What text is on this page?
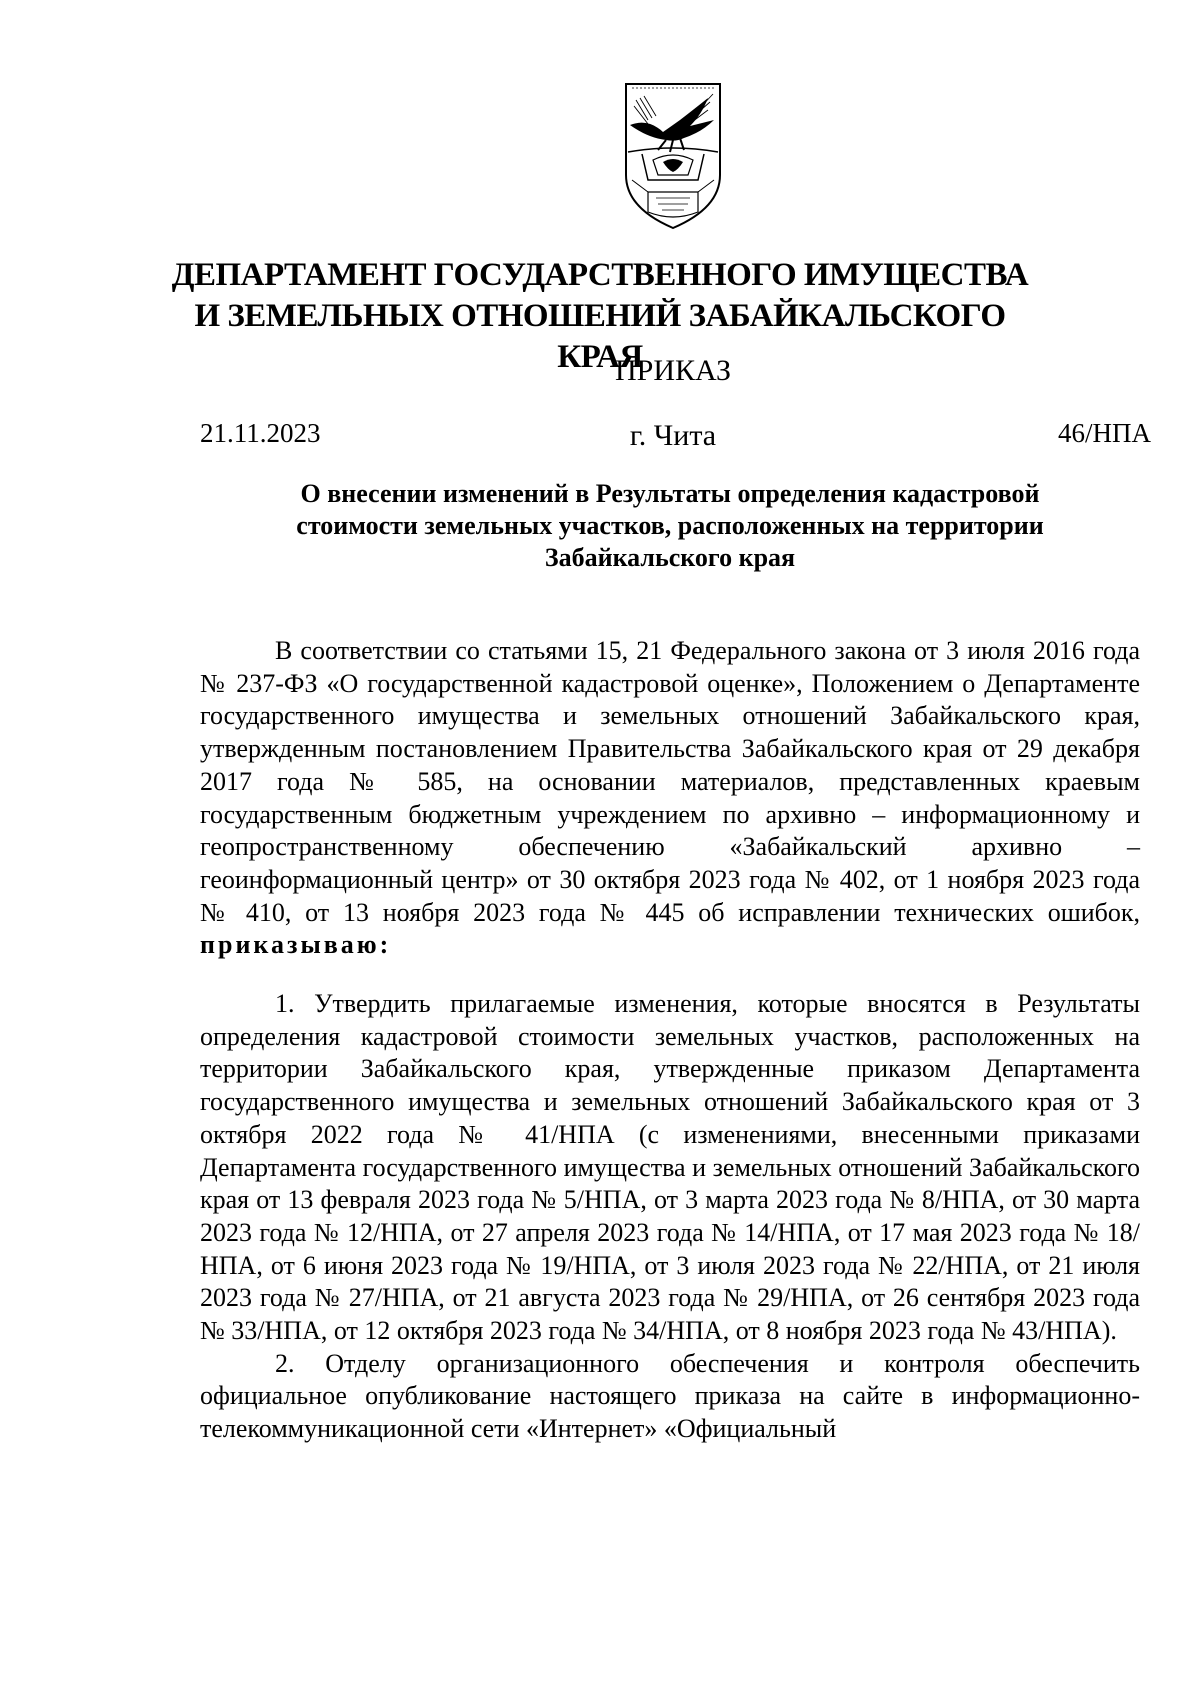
ДЕПАРТАМЕНТ ГОСУДАРСТВЕННОГО ИМУЩЕСТВА
И ЗЕМЕЛЬНЫХ ОТНОШЕНИЙ ЗАБАЙКАЛЬСКОГО КРАЯ
ПРИКАЗ
21.11.2023	г. Чита	46/НПА
О внесении изменений в Результаты определения кадастровой
стоимости земельных участков, расположенных на территории
Забайкальского края

В соответствии со статьями 15, 21 Федерального закона от 3 июля 2016 года № 237-ФЗ «О государственной кадастровой оценке», Положением о Департаменте государственного имущества и земельных отношений Забайкальского края, утвержденным постановлением Правительства Забайкальского края от 29 декабря 2017 года № 585, на основании материалов, представленных краевым государственным бюджетным учреждением по архивно – информационному и геопространственному обеспечению «Забайкальский архивно – геоинформационный центр» от 30 октября 2023 года № 402, от 1 ноября 2023 года № 410, от 13 ноября 2023 года № 445 об исправлении технических ошибок, приказываю:

1. Утвердить прилагаемые изменения, которые вносятся в Результаты определения кадастровой стоимости земельных участков, расположенных на территории Забайкальского края, утвержденные приказом Департамента государственного имущества и земельных отношений Забайкальского края от 3 октября 2022 года № 41/НПА (с изменениями, внесенными приказами Департамента государственного имущества и земельных отношений Забайкальского края от 13 февраля 2023 года № 5/НПА, от 3 марта 2023 года № 8/НПА, от 30 марта 2023 года № 12/НПА, от 27 апреля 2023 года № 14/НПА, от 17 мая 2023 года № 18/НПА, от 6 июня 2023 года № 19/НПА, от 3 июля 2023 года № 22/НПА, от 21 июля 2023 года № 27/НПА, от 21 августа 2023 года № 29/НПА, от 26 сентября 2023 года № 33/НПА, от 12 октября 2023 года № 34/НПА, от 8 ноября 2023 года № 43/НПА).

2. Отделу организационного обеспечения и контроля обеспечить официальное опубликование настоящего приказа на сайте в информационно-телекоммуникационной сети «Интернет» «Официальный
